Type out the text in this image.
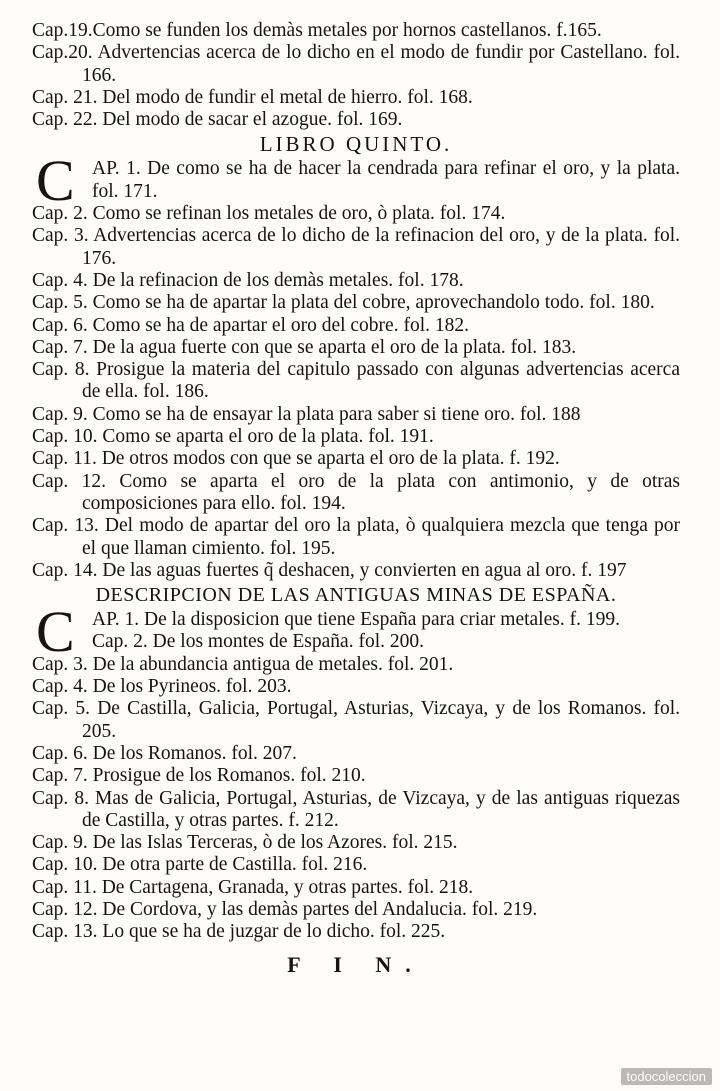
Cap.19.Como se funden los demàs metales por hornos castellanos. f.165.
Cap.20. Advertencias acerca de lo dicho en el modo de fundir por Castellano. fol. 166.
Cap. 21. Del modo de fundir el metal de hierro. fol. 168.
Cap. 22. Del modo de sacar el azogue. fol. 169.
LIBRO QUINTO.
C AP. 1. De como se ha de hacer la cendrada para refinar el oro, y la plata. fol. 171.
Cap. 2. Como se refinan los metales de oro, ò plata. fol. 174.
Cap. 3. Advertencias acerca de lo dicho de la refinacion del oro, y de la plata. fol. 176.
Cap. 4. De la refinacion de los demàs metales. fol. 178.
Cap. 5. Como se ha de apartar la plata del cobre, aprovechandolo todo. fol. 180.
Cap. 6. Como se ha de apartar el oro del cobre. fol. 182.
Cap. 7. De la agua fuerte con que se aparta el oro de la plata. fol. 183.
Cap. 8. Prosigue la materia del capitulo passado con algunas advertencias acerca de ella. fol. 186.
Cap. 9. Como se ha de ensayar la plata para saber si tiene oro. fol. 188
Cap. 10. Como se aparta el oro de la plata. fol. 191.
Cap. 11. De otros modos con que se aparta el oro de la plata. f. 192.
Cap. 12. Como se aparta el oro de la plata con antimonio, y de otras composiciones para ello. fol. 194.
Cap. 13. Del modo de apartar del oro la plata, ò qualquiera mezcla que tenga por el que llaman cimiento. fol. 195.
Cap. 14. De las aguas fuertes q̃ deshacen, y convierten en agua al oro. f. 197
DESCRIPCION DE LAS ANTIGUAS MINAS DE ESPAÑA.
C AP. 1. De la disposicion que tiene España para criar metales. f. 199.
Cap. 2. De los montes de España. fol. 200.
Cap. 3. De la abundancia antigua de metales. fol. 201.
Cap. 4. De los Pyrineos. fol. 203.
Cap. 5. De Castilla, Galicia, Portugal, Asturias, Vizcaya, y de los Romanos. fol. 205.
Cap. 6. De los Romanos. fol. 207.
Cap. 7. Prosigue de los Romanos. fol. 210.
Cap. 8. Mas de Galicia, Portugal, Asturias, de Vizcaya, y de las antiguas riquezas de Castilla, y otras partes. f. 212.
Cap. 9. De las Islas Terceras, ò de los Azores. fol. 215.
Cap. 10. De otra parte de Castilla. fol. 216.
Cap. 11. De Cartagena, Granada, y otras partes. fol. 218.
Cap. 12. De Cordova, y las demàs partes del Andalucia. fol. 219.
Cap. 13. Lo que se ha de juzgar de lo dicho. fol. 225.
F I N.
todocoleccion
